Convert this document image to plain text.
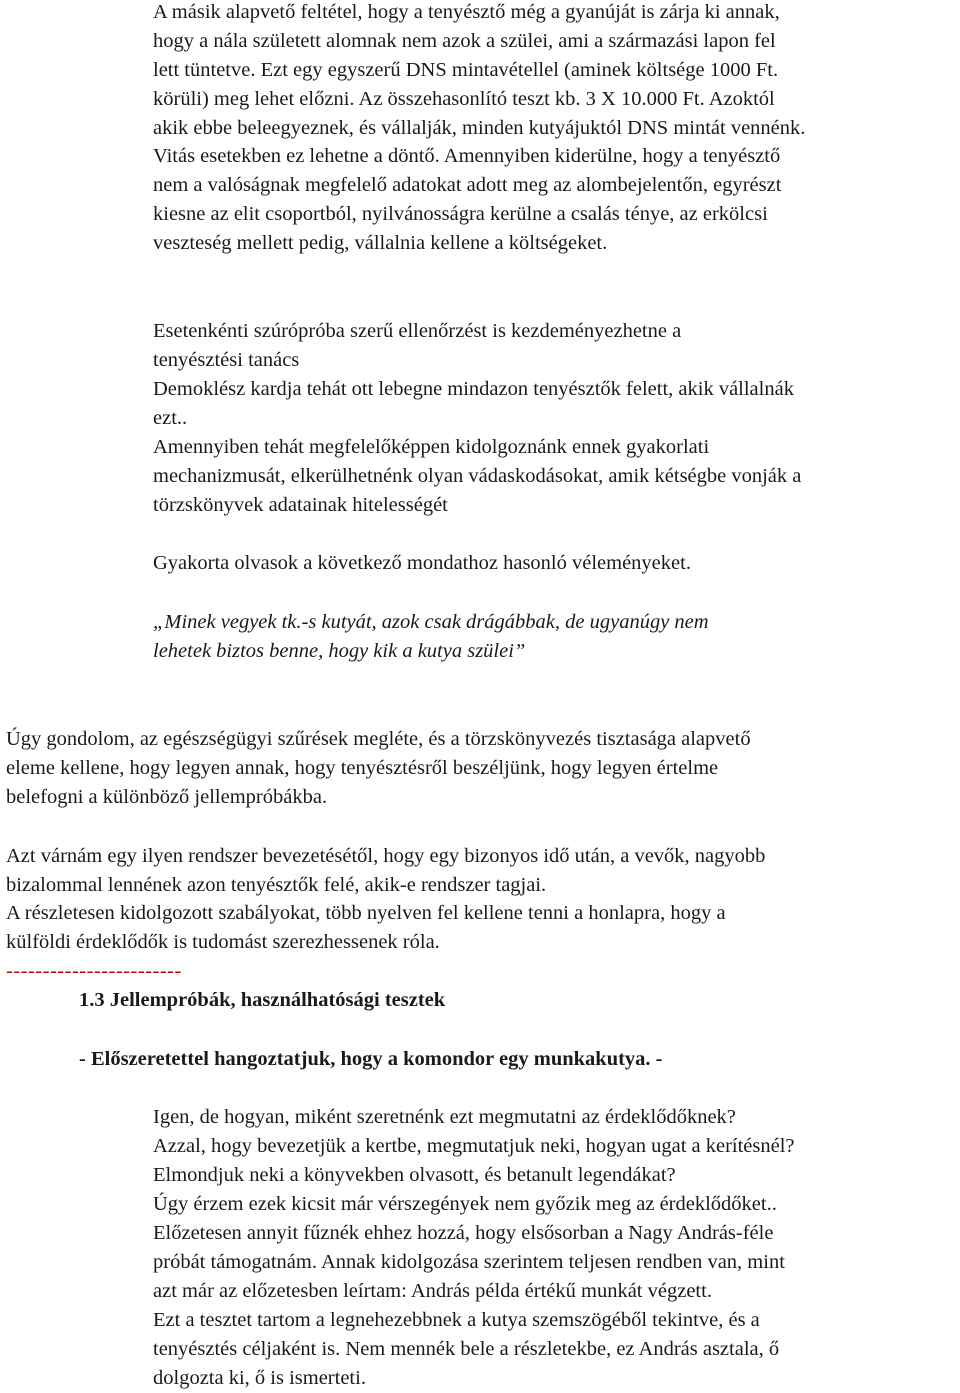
A másik alapvető feltétel, hogy a tenyésztő még a gyanúját is zárja ki annak,
hogy a nála született alomnak nem azok a szülei, ami a származási lapon fel
lett tüntetve. Ezt egy egyszerű DNS mintavétellel (aminek költsége 1000 Ft.
körüli) meg lehet előzni. Az összehasonlító teszt kb. 3 X 10.000 Ft. Azoktól
akik ebbe beleegyeznek, és vállalják, minden kutyájuktól DNS mintát vennénk.
Vitás esetekben ez lehetne a döntő. Amennyiben kiderülne, hogy a tenyésztő
nem a valóságnak megfelelő adatokat adott meg az alombejelentőn, egyrészt
kiesne az elit csoportból, nyilvánosságra kerülne a csalás ténye, az erkölcsi
veszteség mellett pedig, vállalnia kellene a költségeket.
Esetenkénti szúrópróba szerű ellenőrzést is kezdeményezhetne a
tenyésztési tanács
Demoklész kardja tehát ott lebegne mindazon tenyésztők felett, akik vállalnák
ezt..
Amennyiben tehát megfelelőképpen kidolgoznánk ennek gyakorlati
mechanizmusát, elkerülhetnénk olyan vádaskodásokat, amik kétségbe vonják a
törzskönyvek adatainak hitelességét
Gyakorta olvasok a következő mondathoz hasonló véleményeket.
„Minek vegyek tk.-s kutyát, azok csak drágábbak, de ugyanúgy nem
lehetek biztos benne, hogy kik a kutya szülei”
Úgy gondolom, az egészségügyi szűrések megléte, és a törzskönyvezés tisztasága alapvető
eleme kellene, hogy legyen annak, hogy tenyésztésről beszéljünk, hogy legyen értelme
belefogni a különböző jellempróbákba.
Azt várnám egy ilyen rendszer bevezetésétől, hogy egy bizonyos idő után, a vevők, nagyobb
bizalommal lennének azon tenyésztők felé, akik-e rendszer tagjai.
A részletesen kidolgozott szabályokat, több nyelven fel kellene tenni a honlapra, hogy a
külföldi érdeklődők is tudomást szerezhessenek róla.
------------------------
1.3 Jellempróbák, használhatósági tesztek
- Előszeretettel hangoztatjuk, hogy a komondor egy munkakutya. -
Igen, de hogyan, miként szeretnénk ezt megmutatni az érdeklődőknek?
Azzal, hogy bevezetjük a kertbe, megmutatjuk neki, hogyan ugat a kerítésnél?
Elmondjuk neki a könyvekben olvasott, és betanult legendákat?
Úgy érzem ezek kicsit már vérszegények nem győzik meg az érdeklődőket..
Előzetesen annyit fűznék ehhez hozzá, hogy elsősorban a Nagy András-féle
próbát támogatnám. Annak kidolgozása szerintem teljesen rendben van, mint
azt már az előzetesben leírtam: András példa értékű munkát végzett.
Ezt a tesztet tartom a legnehezebbnek a kutya szemszögéből tekintve, és a
tenyésztés céljaként is. Nem mennék bele a részletekbe, ez András asztala, ő
dolgozta ki, ő is ismerteti.
